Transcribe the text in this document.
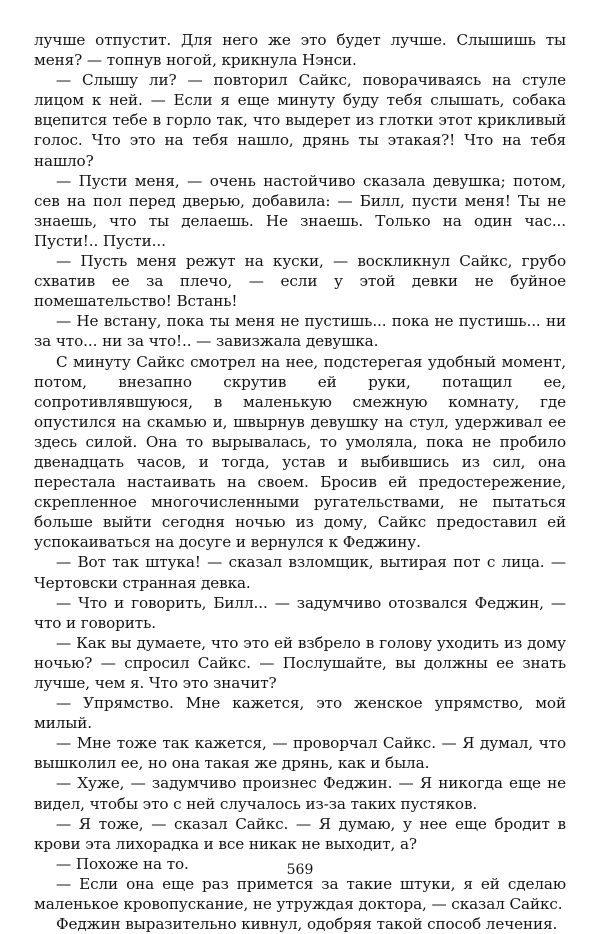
лучше отпустит. Для него же это будет лучше. Слышишь ты меня? — топнув ногой, крикнула Нэнси.

— Слышу ли? — повторил Сайкс, поворачиваясь на стуле лицом к ней. — Если я еще минуту буду тебя слышать, собака вцепится тебе в горло так, что выдерет из глотки этот крикливый голос. Что это на тебя нашло, дрянь ты этакая?! Что на тебя нашло?

— Пусти меня, — очень настойчиво сказала девушка; потом, сев на пол перед дверью, добавила: — Билл, пусти меня! Ты не знаешь, что ты делаешь. Не знаешь. Только на один час... Пусти!.. Пусти...

— Пусть меня режут на куски, — воскликнул Сайкс, грубо схватив ее за плечо, — если у этой девки не буйное помешательство! Встань!

— Не встану, пока ты меня не пустишь... пока не пустишь... ни за что... ни за что!.. — завизжала девушка.

С минуту Сайкс смотрел на нее, подстерегая удобный момент, потом, внезапно скрутив ей руки, потащил ее, сопротивлявшуюся, в маленькую смежную комнату, где опустился на скамью и, швырнув девушку на стул, удерживал ее здесь силой. Она то вырывалась, то умоляла, пока не пробило двенадцать часов, и тогда, устав и выбившись из сил, она перестала настаивать на своем. Бросив ей предостережение, скрепленное многочисленными ругательствами, не пытаться больше выйти сегодня ночью из дому, Сайкс предоставил ей успокаиваться на досуге и вернулся к Феджину.

— Вот так штука! — сказал взломщик, вытирая пот с лица. — Чертовски странная девка.

— Что и говорить, Билл... — задумчиво отозвался Феджин, — что и говорить.

— Как вы думаете, что это ей взбрело в голову уходить из дому ночью? — спросил Сайкс. — Послушайте, вы должны ее знать лучше, чем я. Что это значит?

— Упрямство. Мне кажется, это женское упрямство, мой милый.

— Мне тоже так кажется, — проворчал Сайкс. — Я думал, что вышколил ее, но она такая же дрянь, как и была.

— Хуже, — задумчиво произнес Феджин. — Я никогда еще не видел, чтобы это с ней случалось из-за таких пустяков.

— Я тоже, — сказал Сайкс. — Я думаю, у нее еще бродит в крови эта лихорадка и все никак не выходит, а?

— Похоже на то.

— Если она еще раз примется за такие штуки, я ей сделаю маленькое кровопускание, не утруждая доктора, — сказал Сайкс.

Феджин выразительно кивнул, одобряя такой способ лечения.

569
